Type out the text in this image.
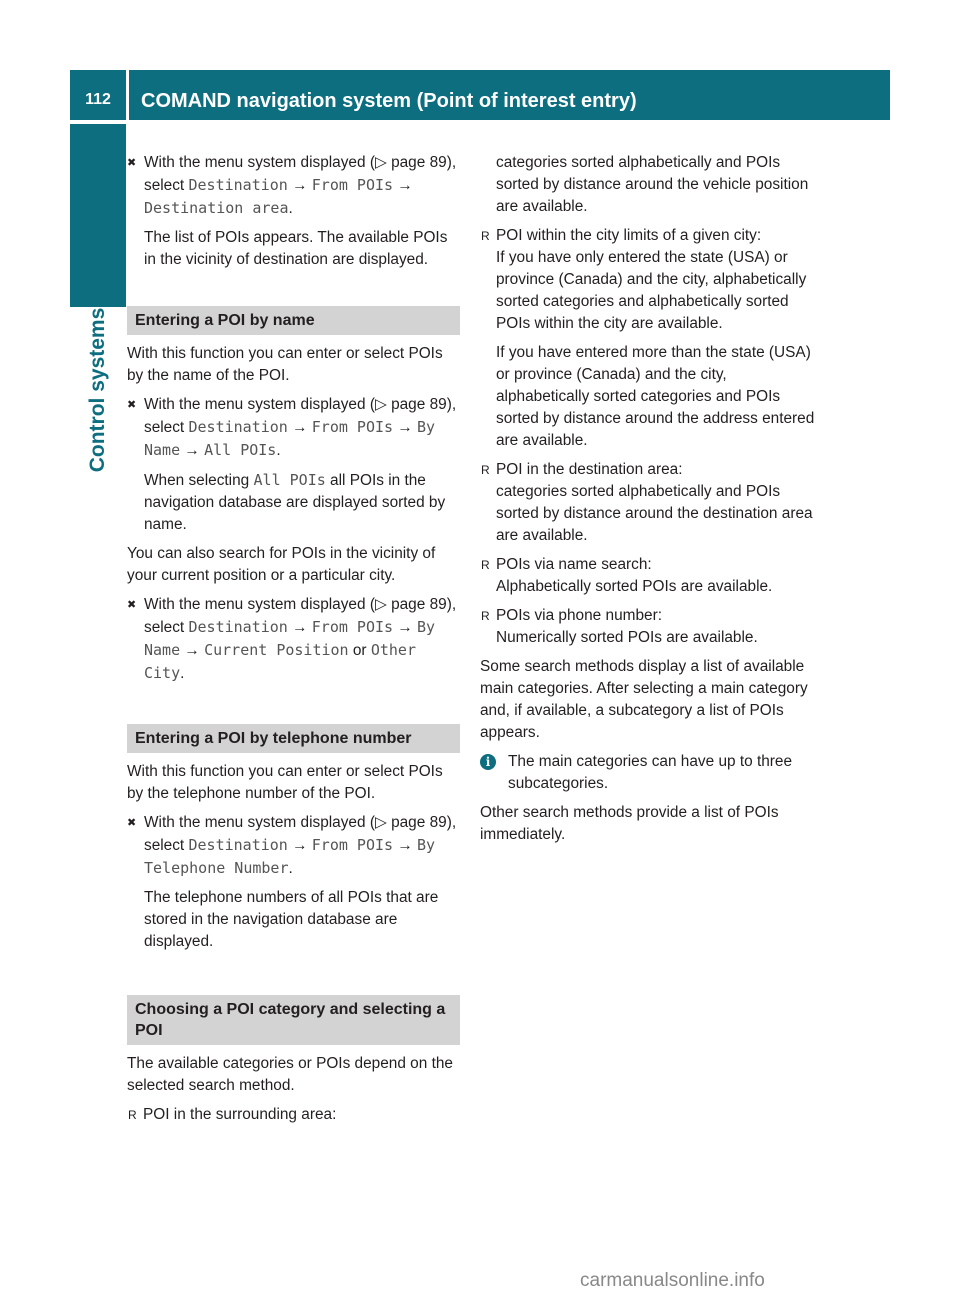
112	COMAND navigation system (Point of interest entry)
Control systems
✖ With the menu system displayed (▷ page 89), select Destination → From POIs → Destination area.

The list of POIs appears. The available POIs in the vicinity of destination are displayed.

Entering a POI by name

With this function you can enter or select POIs by the name of the POI.

✖ With the menu system displayed (▷ page 89), select Destination → From POIs → By Name → All POIs.

When selecting All POIs all POIs in the navigation database are displayed sorted by name.

You can also search for POIs in the vicinity of your current position or a particular city.

✖ With the menu system displayed (▷ page 89), select Destination → From POIs → By Name → Current Position or Other City.
Entering a POI by telephone number

With this function you can enter or select POIs by the telephone number of the POI.

✖ With the menu system displayed (▷ page 89), select Destination → From POIs → By Telephone Number.

The telephone numbers of all POIs that are stored in the navigation database are displayed.

Choosing a POI category and selecting a POI

The available categories or POIs depend on the selected search method.

R POI in the surrounding area:

categories sorted alphabetically and POIs sorted by distance around the vehicle position are available.

R POI within the city limits of a given city:
If you have only entered the state (USA) or province (Canada) and the city, alphabetically sorted categories and alphabetically sorted POIs within the city are available.

If you have entered more than the state (USA) or province (Canada) and the city, alphabetically sorted categories and POIs sorted by distance around the address entered are available.

R POI in the destination area:
categories sorted alphabetically and POIs sorted by distance around the destination area are available.
R POIs via name search:
Alphabetically sorted POIs are available.
R POIs via phone number:
Numerically sorted POIs are available.

Some search methods display a list of available main categories. After selecting a main category and, if available, a subcategory a list of POIs appears.

i	The main categories can have up to three subcategories.

Other search methods provide a list of POIs immediately.

carmanualsonline.info
